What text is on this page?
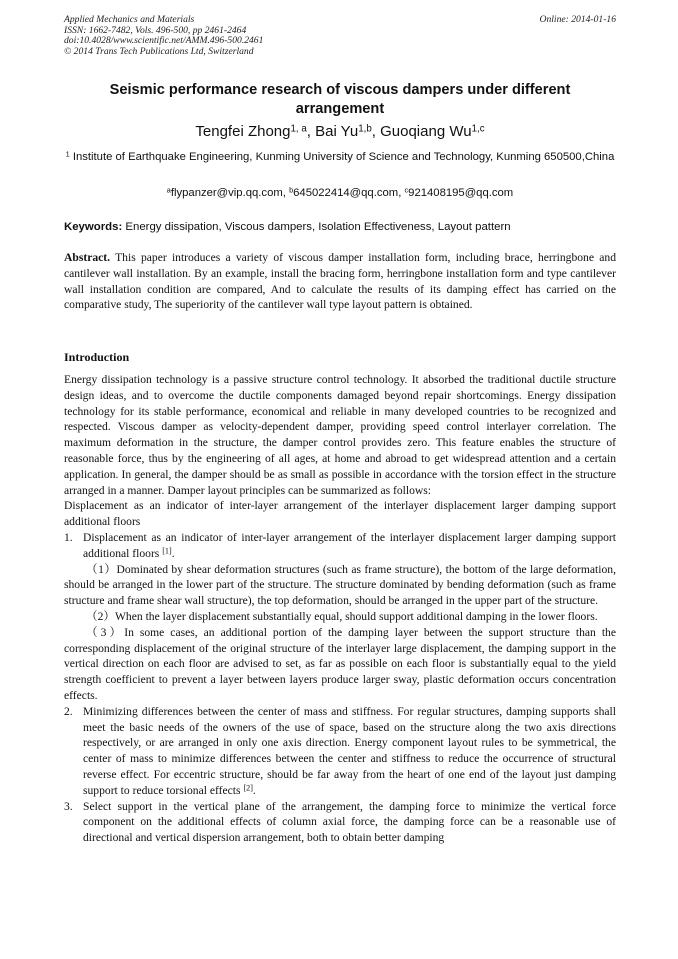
Applied Mechanics and Materials
ISSN: 1662-7482, Vols. 496-500, pp 2461-2464
doi:10.4028/www.scientific.net/AMM.496-500.2461
© 2014 Trans Tech Publications Ltd, Switzerland
Online: 2014-01-16
Seismic performance research of viscous dampers under different arrangement
Tengfei Zhong$^{1, a}$, Bai Yu$^{1,b}$, Guoqiang Wu$^{1,c}$
$^1$ Institute of Earthquake Engineering, Kunming University of Science and Technology, Kunming 650500,China
$^a$flypanzer@vip.qq.com, $^b$645022414@qq.com, $^c$921408195@qq.com
Keywords: Energy dissipation, Viscous dampers, Isolation Effectiveness, Layout pattern

Abstract. This paper introduces a variety of viscous damper installation form, including brace, herringbone and cantilever wall installation. By an example, install the bracing form, herringbone installation form and type cantilever wall installation condition are compared, And to calculate the results of its damping effect has carried on the comparative study, The superiority of the cantilever wall type layout pattern is obtained.

Introduction

Energy dissipation technology is a passive structure control technology. It absorbed the traditional ductile structure design ideas, and to overcome the ductile components damaged beyond repair shortcomings. Energy dissipation technology for its stable performance, economical and reliable in many developed countries to be recognized and respected. Viscous damper as velocity-dependent damper, providing speed control interlayer correlation. The maximum deformation in the structure, the damper control provides zero. This feature enables the structure of reasonable force, thus by the engineering of all ages, at home and abroad to get widespread attention and a certain application. In general, the damper should be as small as possible in accordance with the torsion effect in the structure arranged in a manner. Damper layout principles can be summarized as follows:

Displacement as an indicator of inter-layer arrangement of the interlayer displacement larger damping support additional floors

1. Displacement as an indicator of inter-layer arrangement of the interlayer displacement larger damping support additional floors [1].

（1）Dominated by shear deformation structures (such as frame structure), the bottom of the large deformation, should be arranged in the lower part of the structure. The structure dominated by bending deformation (such as frame structure and frame shear wall structure), the top deformation, should be arranged in the upper part of the structure.

（2）When the layer displacement substantially equal, should support additional damping in the lower floors.

（3）In some cases, an additional portion of the damping layer between the support structure than the corresponding displacement of the original structure of the interlayer large displacement, the damping support in the vertical direction on each floor are advised to set, as far as possible on each floor is substantially equal to the yield strength coefficient to prevent a layer between layers produce larger sway, plastic deformation occurs concentration effects.

2. Minimizing differences between the center of mass and stiffness. For regular structures, damping supports shall meet the basic needs of the owners of the use of space, based on the structure along the two axis directions respectively, or are arranged in only one axis direction. Energy component layout rules to be symmetrical, the center of mass to minimize differences between the center and stiffness to reduce the occurrence of structural reverse effect. For eccentric structure, should be far away from the heart of one end of the layout just damping support to reduce torsional effects [2].
3. Select support in the vertical plane of the arrangement, the damping force to minimize the vertical force component on the additional effects of column axial force, the damping force can be a reasonable use of directional and vertical dispersion arrangement, both to obtain better damping
